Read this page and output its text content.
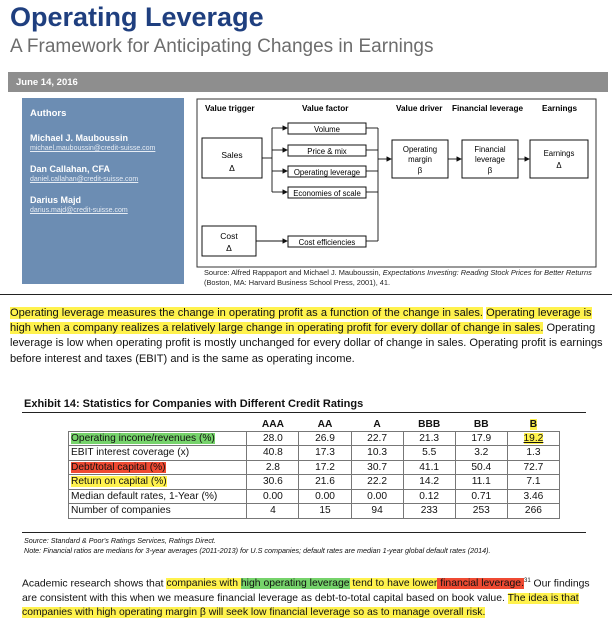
Operating Leverage
A Framework for Anticipating Changes in Earnings
June 14, 2016
Authors
Michael J. Mauboussin
michael.mauboussin@credit-suisse.com
Dan Callahan, CFA
daniel.callahan@credit-suisse.com
Darius Majd
darius.majd@credit-suisse.com
Value trigger	Value factor	Value driver Financial leverage Earnings
Sales
Δ
Cost
Δ
Volume
Price & mix
Operating leverage
Economies of scale
Cost efficiencies
Operating
margin
β
Financial
leverage
β
Earnings
Δ
Source: Alfred Rappaport and Michael J. Mauboussin, Expectations Investing: Reading Stock Prices for Better Returns (Boston, MA: Harvard Business School Press, 2001), 41.

Operating leverage measures the change in operating profit as a function of the change in sales. Operating leverage is high when a company realizes a relatively large change in operating profit for every dollar of change in sales. Operating leverage is low when operating profit is mostly unchanged for every dollar of change in sales. Operating profit is earnings before interest and taxes (EBIT) and is the same as operating income.

Exhibit 14: Statistics for Companies with Different Credit Ratings
	AAA	AA	A	BBB	BB	B
Operating income/revenues (%)	28.0	26.9	22.7	21.3	17.9	19.2
EBIT interest coverage (x)	40.8	17.3	10.3	5.5	3.2	1.3
Debt/total capital (%)	2.8	17.2	30.7	41.1	50.4	72.7
Return on capital (%)	30.6	21.6	22.2	14.2	11.1	7.1
Median default rates, 1-Year (%)	0.00	0.00	0.00	0.12	0.71	3.46
Number of companies	4	15	94	233	253	266
Source: Standard & Poor's Ratings Services, Ratings Direct.
Note: Financial ratios are medians for 3-year averages (2011-2013) for U.S companies; default rates are median 1-year global default rates (2014).

Academic research shows that companies with high operating leverage tend to have lower financial leverage.$^{31}$ Our findings are consistent with this when we measure financial leverage as debt-to-total capital based on book value. The idea is that companies with high operating margin β will seek low financial leverage so as to manage overall risk.
